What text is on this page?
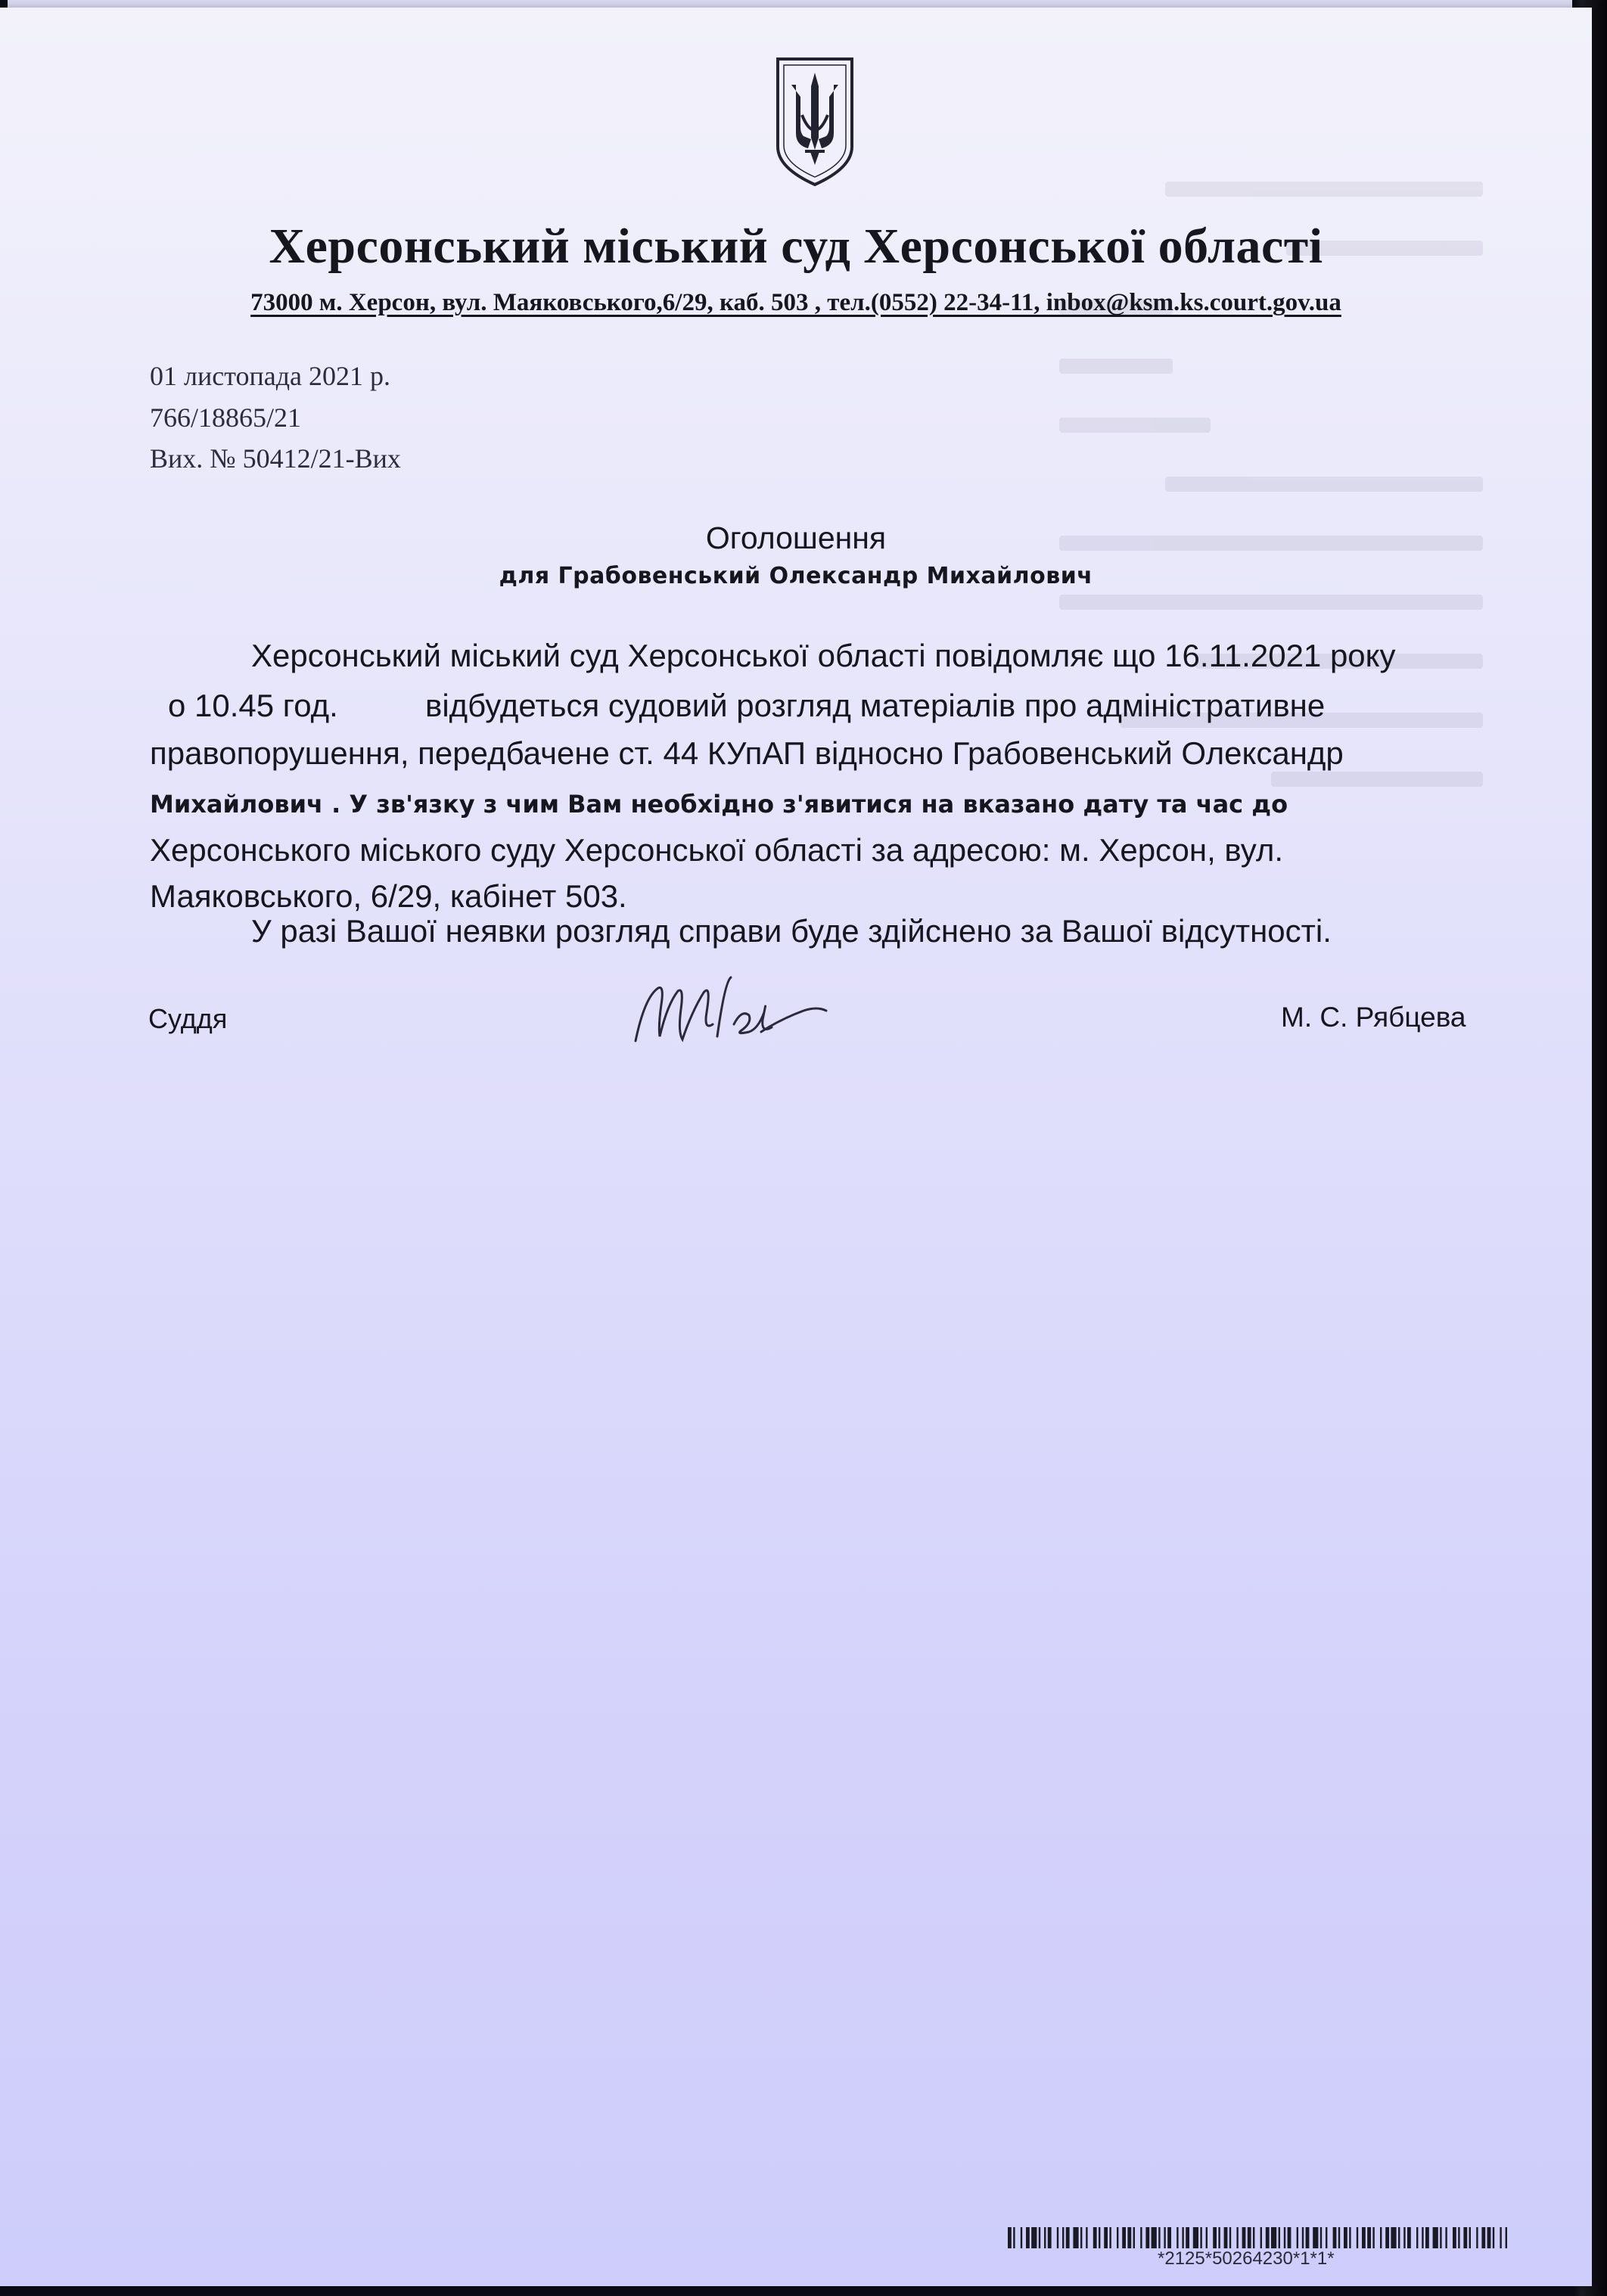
Херсонський міський суд Херсонської області

73000 м. Херсон, вул. Маяковського,6/29, каб. 503 , тел.(0552) 22-34-11, inbox@ksm.ks.court.gov.ua

01 листопада 2021 р.

766/18865/21

Вих. № 50412/21-Вих

Оголошення

для Грабовенський Олександр Михайлович

Херсонський міський суд Херсонської області повідомляє що 16.11.2021 року

о 10.45 год.	відбудеться судовий розгляд матеріалів про адміністративне

правопорушення, передбачене ст. 44 КУпАП відносно Грабовенський Олександр

Михайлович . У зв'язку з чим Вам необхідно з'явитися на вказано дату та час до

Херсонського міського суду Херсонської області за адресою: м. Херсон, вул.

Маяковського, 6/29, кабінет 503.

У разі Вашої неявки розгляд справи буде здійснено за Вашої відсутності.

Суддя	М. С. Рябцева

*2125*50264230*1*1*
